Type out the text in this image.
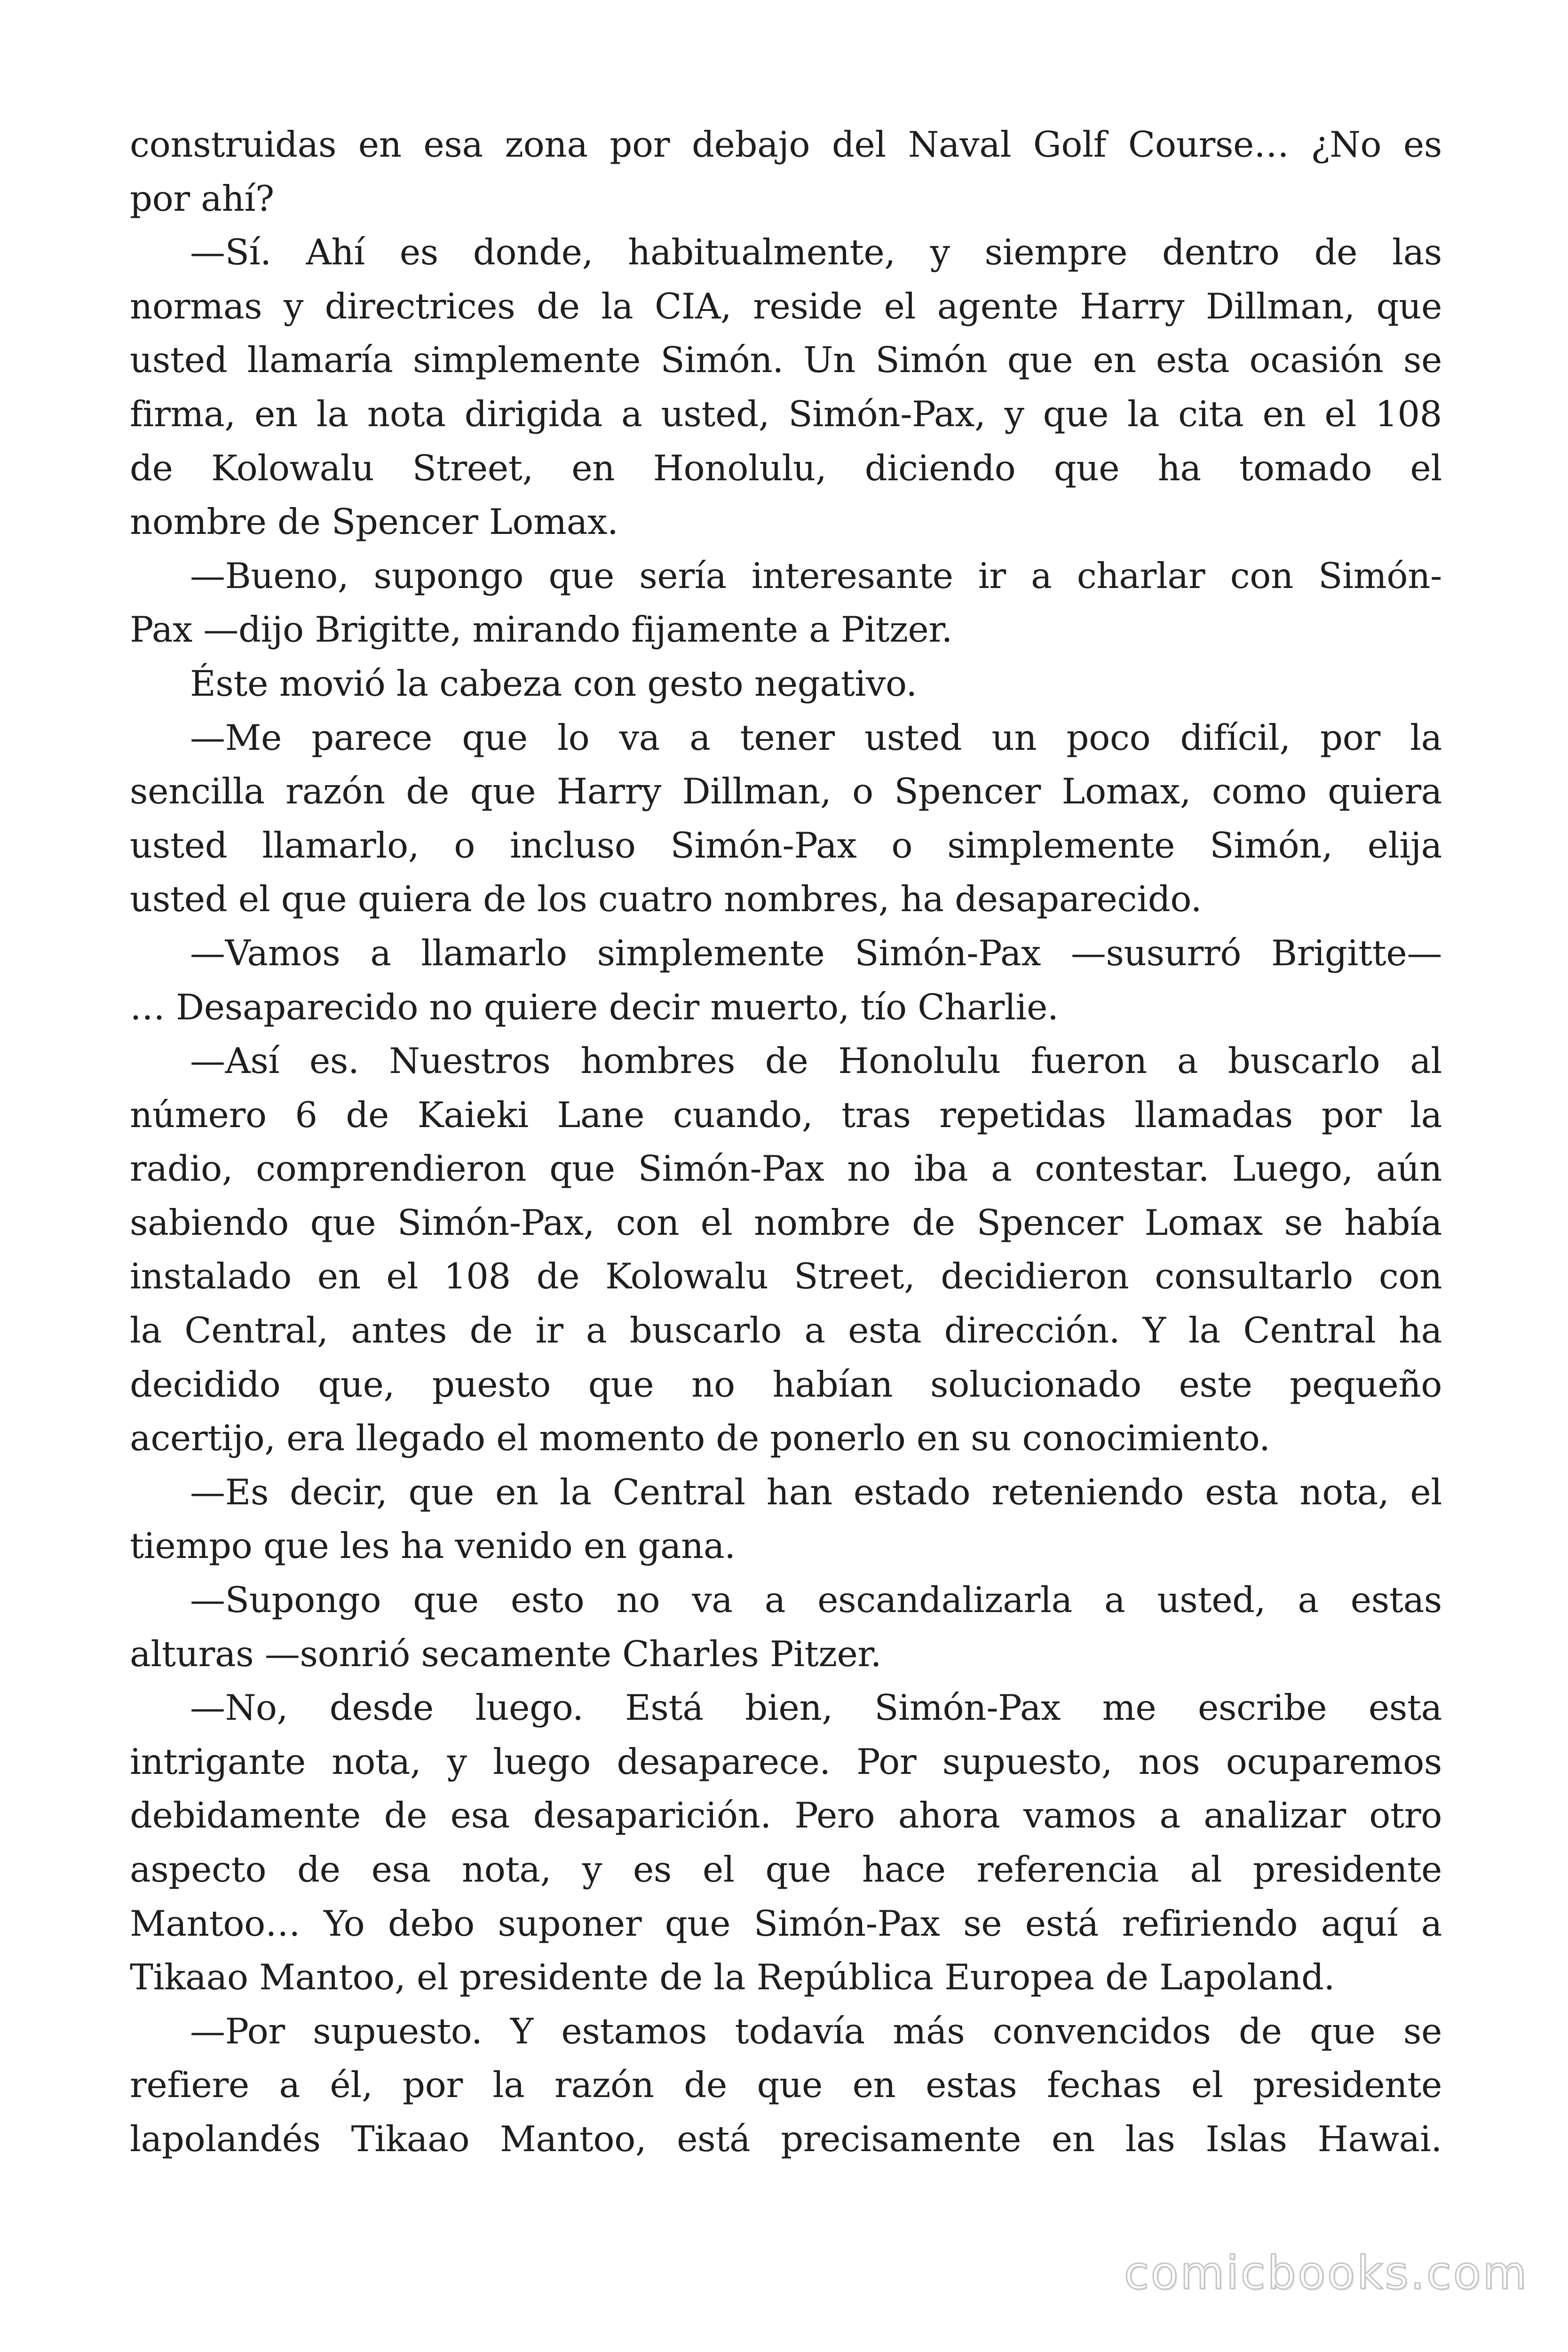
construidas en esa zona por debajo del Naval Golf Course… ¿No es
por ahí?
—Sí. Ahí es donde, habitualmente, y siempre dentro de las
normas y directrices de la CIA, reside el agente Harry Dillman, que
usted llamaría simplemente Simón. Un Simón que en esta ocasión se
firma, en la nota dirigida a usted, Simón-Pax, y que la cita en el 108
de Kolowalu Street, en Honolulu, diciendo que ha tomado el
nombre de Spencer Lomax.
—Bueno, supongo que sería interesante ir a charlar con Simón-
Pax —dijo Brigitte, mirando fijamente a Pitzer.
Éste movió la cabeza con gesto negativo.
—Me parece que lo va a tener usted un poco difícil, por la
sencilla razón de que Harry Dillman, o Spencer Lomax, como quiera
usted llamarlo, o incluso Simón-Pax o simplemente Simón, elija
usted el que quiera de los cuatro nombres, ha desaparecido.
—Vamos a llamarlo simplemente Simón-Pax —susurró Brigitte—
… Desaparecido no quiere decir muerto, tío Charlie.
—Así es. Nuestros hombres de Honolulu fueron a buscarlo al
número 6 de Kaieki Lane cuando, tras repetidas llamadas por la
radio, comprendieron que Simón-Pax no iba a contestar. Luego, aún
sabiendo que Simón-Pax, con el nombre de Spencer Lomax se había
instalado en el 108 de Kolowalu Street, decidieron consultarlo con
la Central, antes de ir a buscarlo a esta dirección. Y la Central ha
decidido que, puesto que no habían solucionado este pequeño
acertijo, era llegado el momento de ponerlo en su conocimiento.
—Es decir, que en la Central han estado reteniendo esta nota, el
tiempo que les ha venido en gana.
—Supongo que esto no va a escandalizarla a usted, a estas
alturas —sonrió secamente Charles Pitzer.
—No, desde luego. Está bien, Simón-Pax me escribe esta
intrigante nota, y luego desaparece. Por supuesto, nos ocuparemos
debidamente de esa desaparición. Pero ahora vamos a analizar otro
aspecto de esa nota, y es el que hace referencia al presidente
Mantoo… Yo debo suponer que Simón-Pax se está refiriendo aquí a
Tikaao Mantoo, el presidente de la República Europea de Lapoland.
—Por supuesto. Y estamos todavía más convencidos de que se
refiere a él, por la razón de que en estas fechas el presidente
lapolandés Tikaao Mantoo, está precisamente en las Islas Hawai.
comicbooks.com
